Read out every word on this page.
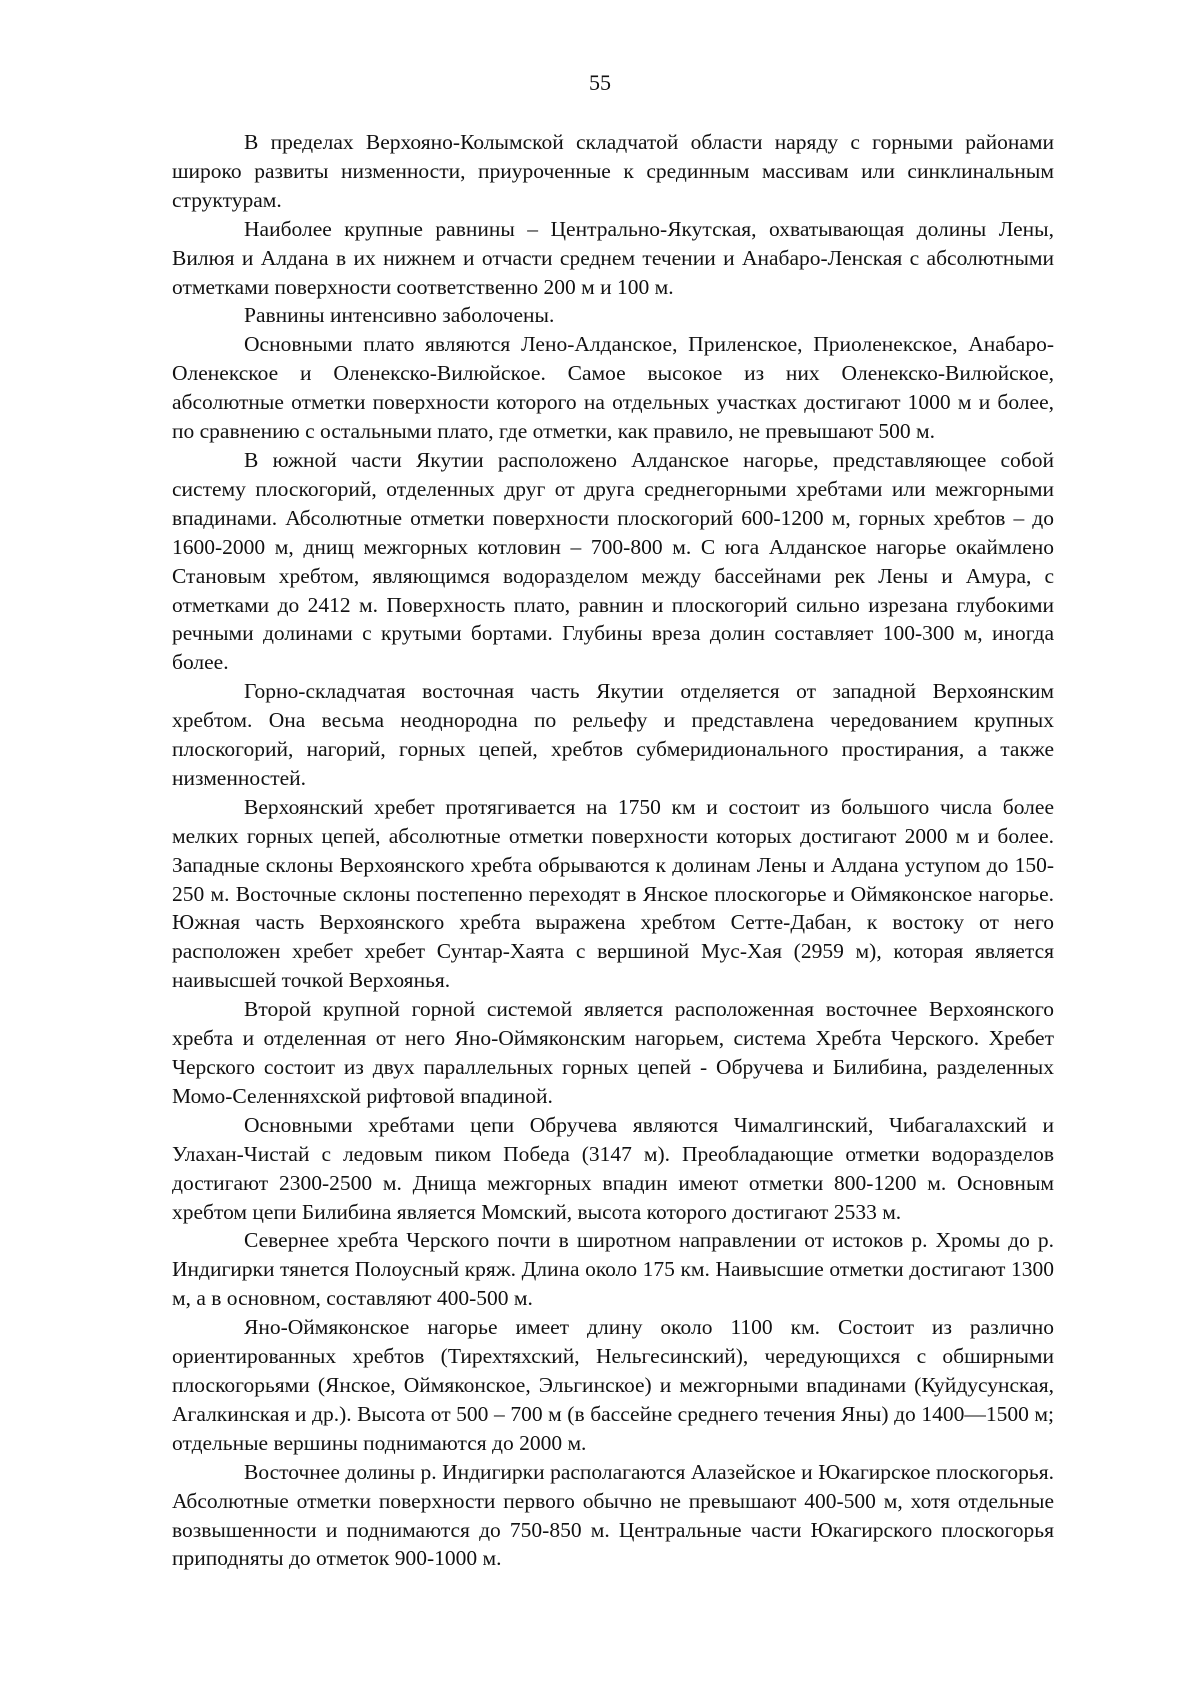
55

В пределах Верхояно-Колымской складчатой области наряду с горными районами широко развиты низменности, приуроченные к срединным массивам или синклинальным структурам.

Наиболее крупные равнины – Центрально-Якутская, охватывающая долины Лены, Вилюя и Алдана в их нижнем и отчасти среднем течении и Анабаро-Ленская с абсолютными отметками поверхности соответственно 200 м и 100 м.

Равнины интенсивно заболочены.

Основными плато являются Лено-Алданское, Приленское, Приоленекское, Анабаро-Оленекское и Оленекско-Вилюйское. Самое высокое из них Оленекско-Вилюйское, абсолютные отметки поверхности которого на отдельных участках достигают 1000 м и более, по сравнению с остальными плато, где отметки, как правило, не превышают 500 м.

В южной части Якутии расположено Алданское нагорье, представляющее собой систему плоскогорий, отделенных друг от друга среднегорными хребтами или межгорными впадинами. Абсолютные отметки поверхности плоскогорий 600-1200 м, горных хребтов – до 1600-2000 м, днищ межгорных котловин – 700-800 м. С юга Алданское нагорье окаймлено Становым хребтом, являющимся водоразделом между бассейнами рек Лены и Амура, с отметками до 2412 м. Поверхность плато, равнин и плоскогорий сильно изрезана глубокими речными долинами с крутыми бортами. Глубины вреза долин составляет 100-300 м, иногда более.

Горно-складчатая восточная часть Якутии отделяется от западной Верхоянским хребтом. Она весьма неоднородна по рельефу и представлена чередованием крупных плоскогорий, нагорий, горных цепей, хребтов субмеридионального простирания, а также низменностей.

Верхоянский хребет протягивается на 1750 км и состоит из большого числа более мелких горных цепей, абсолютные отметки поверхности которых достигают 2000 м и более. Западные склоны Верхоянского хребта обрываются к долинам Лены и Алдана уступом до 150-250 м. Восточные склоны постепенно переходят в Янское плоскогорье и Оймяконское нагорье. Южная часть Верхоянского хребта выражена хребтом Сетте-Дабан, к востоку от него расположен хребет хребет Сунтар-Хаята с вершиной Мус-Хая (2959 м), которая является наивысшей точкой Верхоянья.

Второй крупной горной системой является расположенная восточнее Верхоянского хребта и отделенная от него Яно-Оймяконским нагорьем, система Хребта Черского. Хребет Черского состоит из двух параллельных горных цепей - Обручева и Билибина, разделенных Момо-Селенняхской рифтовой впадиной.

Основными хребтами цепи Обручева являются Чималгинский, Чибагалахский и Улахан-Чистай с ледовым пиком Победа (3147 м). Преобладающие отметки водоразделов достигают 2300-2500 м. Днища межгорных впадин имеют отметки 800-1200 м. Основным хребтом цепи Билибина является Момский, высота которого достигают 2533 м.

Севернее хребта Черского почти в широтном направлении от истоков р. Хромы до р. Индигирки тянется Полоусный кряж. Длина около 175 км. Наивысшие отметки достигают 1300 м, а в основном, составляют 400-500 м.

Яно-Оймяконское нагорье имеет длину около 1100 км. Состоит из различно ориентированных хребтов (Тирехтяхский, Нельгесинский), чередующихся с обширными плоскогорьями (Янское, Оймяконское, Эльгинское) и межгорными впадинами (Куйдусунская, Агалкинская и др.). Высота от 500 – 700 м (в бассейне среднего течения Яны) до 1400—1500 м; отдельные вершины поднимаются до 2000 м.

Восточнее долины р. Индигирки располагаются Алазейское и Юкагирское плоскогорья. Абсолютные отметки поверхности первого обычно не превышают 400-500 м, хотя отдельные возвышенности и поднимаются до 750-850 м. Центральные части Юкагирского плоскогорья приподняты до отметок 900-1000 м.
